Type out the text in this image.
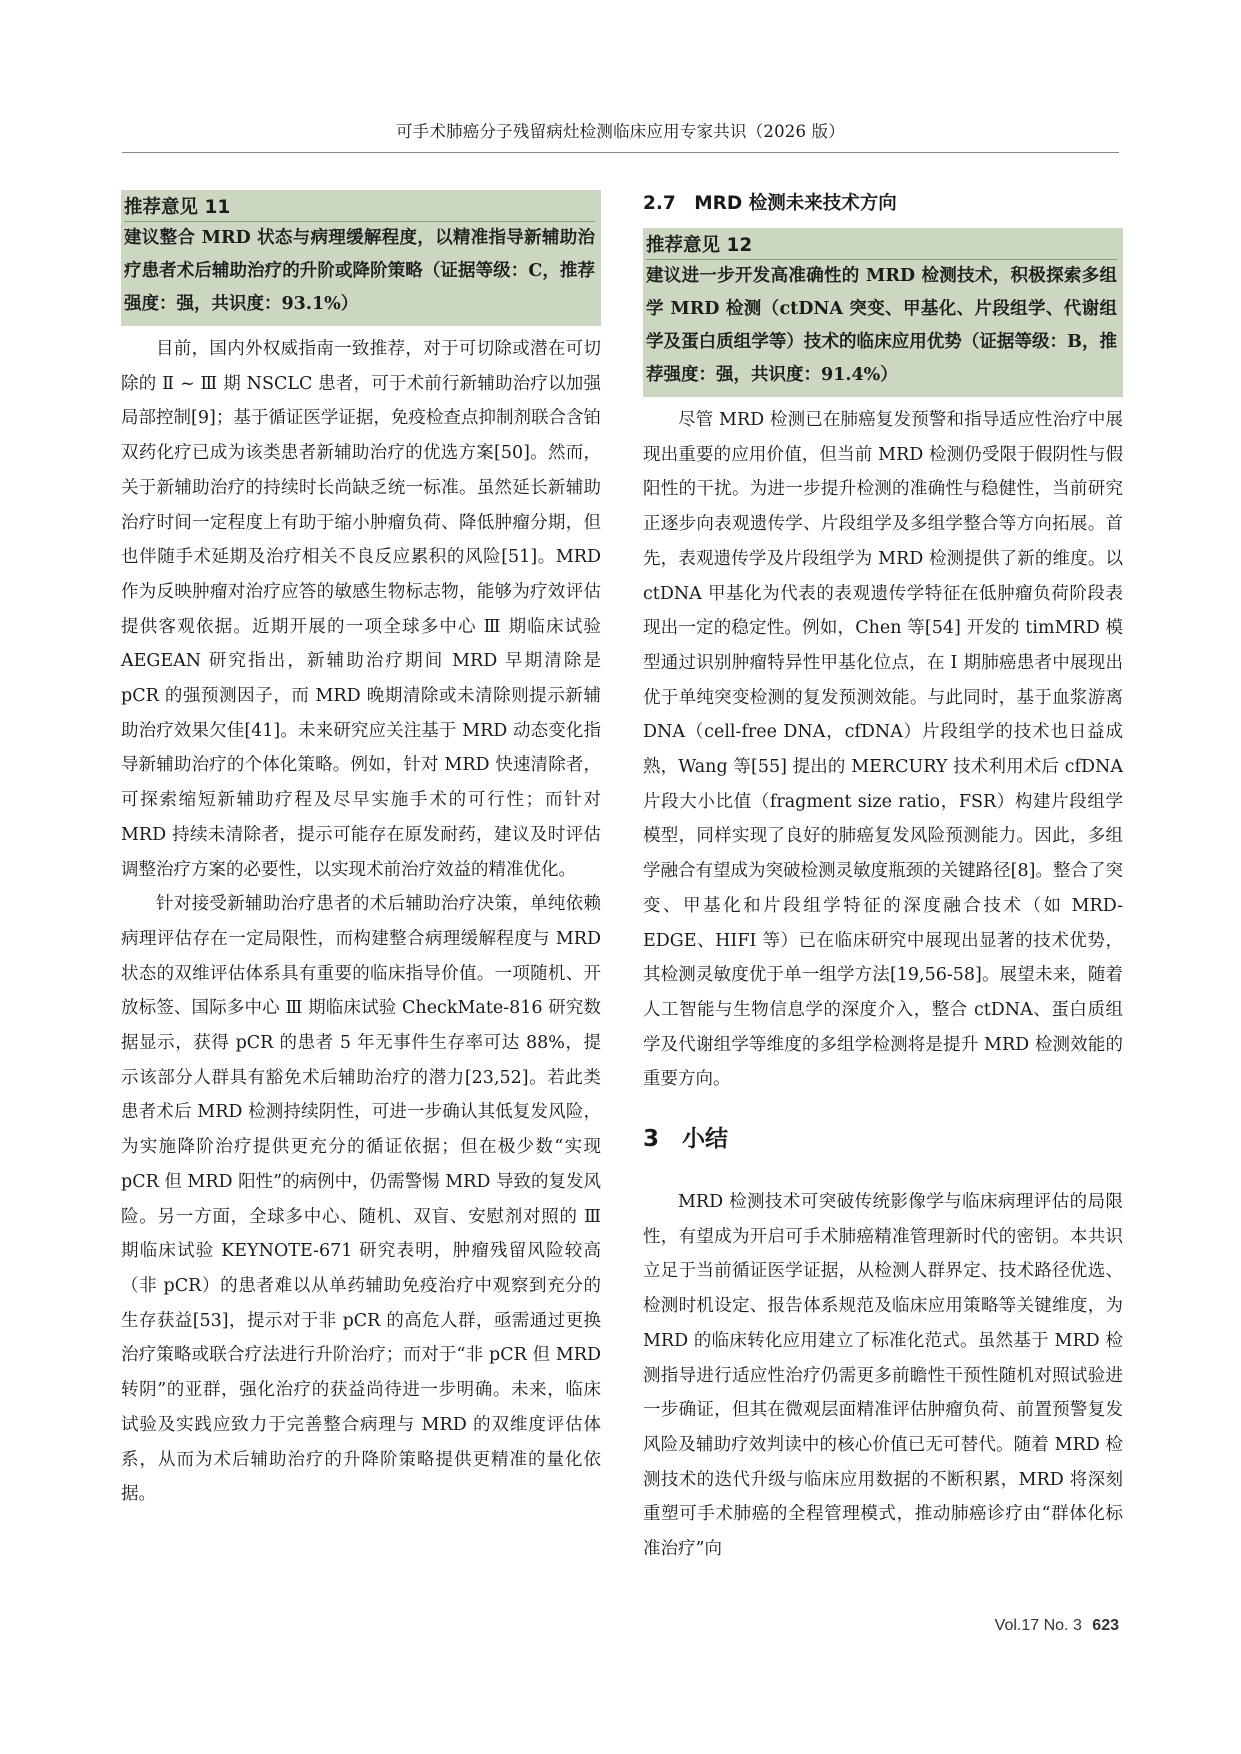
可手术肺癌分子残留病灶检测临床应用专家共识（2026 版）
推荐意见 11
建议整合 MRD 状态与病理缓解程度，以精准指导新辅助治疗患者术后辅助治疗的升阶或降阶策略（证据等级：C，推荐强度：强，共识度：93.1%）

目前，国内外权威指南一致推荐，对于可切除或潜在可切除的 Ⅱ ~ Ⅲ 期 NSCLC 患者，可于术前行新辅助治疗以加强局部控制[9]；基于循证医学证据，免疫检查点抑制剂联合含铂双药化疗已成为该类患者新辅助治疗的优选方案[50]。然而，关于新辅助治疗的持续时长尚缺乏统一标准。虽然延长新辅助治疗时间一定程度上有助于缩小肿瘤负荷、降低肿瘤分期，但也伴随手术延期及治疗相关不良反应累积的风险[51]。MRD 作为反映肿瘤对治疗应答的敏感生物标志物，能够为疗效评估提供客观依据。近期开展的一项全球多中心 Ⅲ 期临床试验 AEGEAN 研究指出，新辅助治疗期间 MRD 早期清除是 pCR 的强预测因子，而 MRD 晚期清除或未清除则提示新辅助治疗效果欠佳[41]。未来研究应关注基于 MRD 动态变化指导新辅助治疗的个体化策略。例如，针对 MRD 快速清除者，可探索缩短新辅助疗程及尽早实施手术的可行性；而针对 MRD 持续未清除者，提示可能存在原发耐药，建议及时评估调整治疗方案的必要性，以实现术前治疗效益的精准优化。

针对接受新辅助治疗患者的术后辅助治疗决策，单纯依赖病理评估存在一定局限性，而构建整合病理缓解程度与 MRD 状态的双维评估体系具有重要的临床指导价值。一项随机、开放标签、国际多中心 Ⅲ 期临床试验 CheckMate-816 研究数据显示，获得 pCR 的患者 5 年无事件生存率可达 88%，提示该部分人群具有豁免术后辅助治疗的潜力[23,52]。若此类患者术后 MRD 检测持续阴性，可进一步确认其低复发风险，为实施降阶治疗提供更充分的循证依据；但在极少数“实现 pCR 但 MRD 阳性”的病例中，仍需警惕 MRD 导致的复发风险。另一方面，全球多中心、随机、双盲、安慰剂对照的 Ⅲ 期临床试验 KEYNOTE-671 研究表明，肿瘤残留风险较高（非 pCR）的患者难以从单药辅助免疫治疗中观察到充分的生存获益[53]，提示对于非 pCR 的高危人群，亟需通过更换治疗策略或联合疗法进行升阶治疗；而对于“非 pCR 但 MRD 转阴”的亚群，强化治疗的获益尚待进一步明确。未来，临床试验及实践应致力于完善整合病理与 MRD 的双维度评估体系，从而为术后辅助治疗的升降阶策略提供更精准的量化依据。

2.7　MRD 检测未来技术方向
推荐意见 12
建议进一步开发高准确性的 MRD 检测技术，积极探索多组学 MRD 检测（ctDNA 突变、甲基化、片段组学、代谢组学及蛋白质组学等）技术的临床应用优势（证据等级：B，推荐强度：强，共识度：91.4%）

尽管 MRD 检测已在肺癌复发预警和指导适应性治疗中展现出重要的应用价值，但当前 MRD 检测仍受限于假阴性与假阳性的干扰。为进一步提升检测的准确性与稳健性，当前研究正逐步向表观遗传学、片段组学及多组学整合等方向拓展。首先，表观遗传学及片段组学为 MRD 检测提供了新的维度。以 ctDNA 甲基化为代表的表观遗传学特征在低肿瘤负荷阶段表现出一定的稳定性。例如，Chen 等[54] 开发的 timMRD 模型通过识别肿瘤特异性甲基化位点，在 Ⅰ 期肺癌患者中展现出优于单纯突变检测的复发预测效能。与此同时，基于血浆游离 DNA（cell-free DNA，cfDNA）片段组学的技术也日益成熟，Wang 等[55] 提出的 MERCURY 技术利用术后 cfDNA 片段大小比值（fragment size ratio，FSR）构建片段组学模型，同样实现了良好的肺癌复发风险预测能力。因此，多组学融合有望成为突破检测灵敏度瓶颈的关键路径[8]。整合了突变、甲基化和片段组学特征的深度融合技术（如 MRD-EDGE、HIFI 等）已在临床研究中展现出显著的技术优势，其检测灵敏度优于单一组学方法[19,56-58]。展望未来，随着人工智能与生物信息学的深度介入，整合 ctDNA、蛋白质组学及代谢组学等维度的多组学检测将是提升 MRD 检测效能的重要方向。

3　小结

MRD 检测技术可突破传统影像学与临床病理评估的局限性，有望成为开启可手术肺癌精准管理新时代的密钥。本共识立足于当前循证医学证据，从检测人群界定、技术路径优选、检测时机设定、报告体系规范及临床应用策略等关键维度，为 MRD 的临床转化应用建立了标准化范式。虽然基于 MRD 检测指导进行适应性治疗仍需更多前瞻性干预性随机对照试验进一步确证，但其在微观层面精准评估肿瘤负荷、前置预警复发风险及辅助疗效判读中的核心价值已无可替代。随着 MRD 检测技术的迭代升级与临床应用数据的不断积累，MRD 将深刻重塑可手术肺癌的全程管理模式，推动肺癌诊疗由“群体化标准治疗”向

Vol.17 No. 3 623
